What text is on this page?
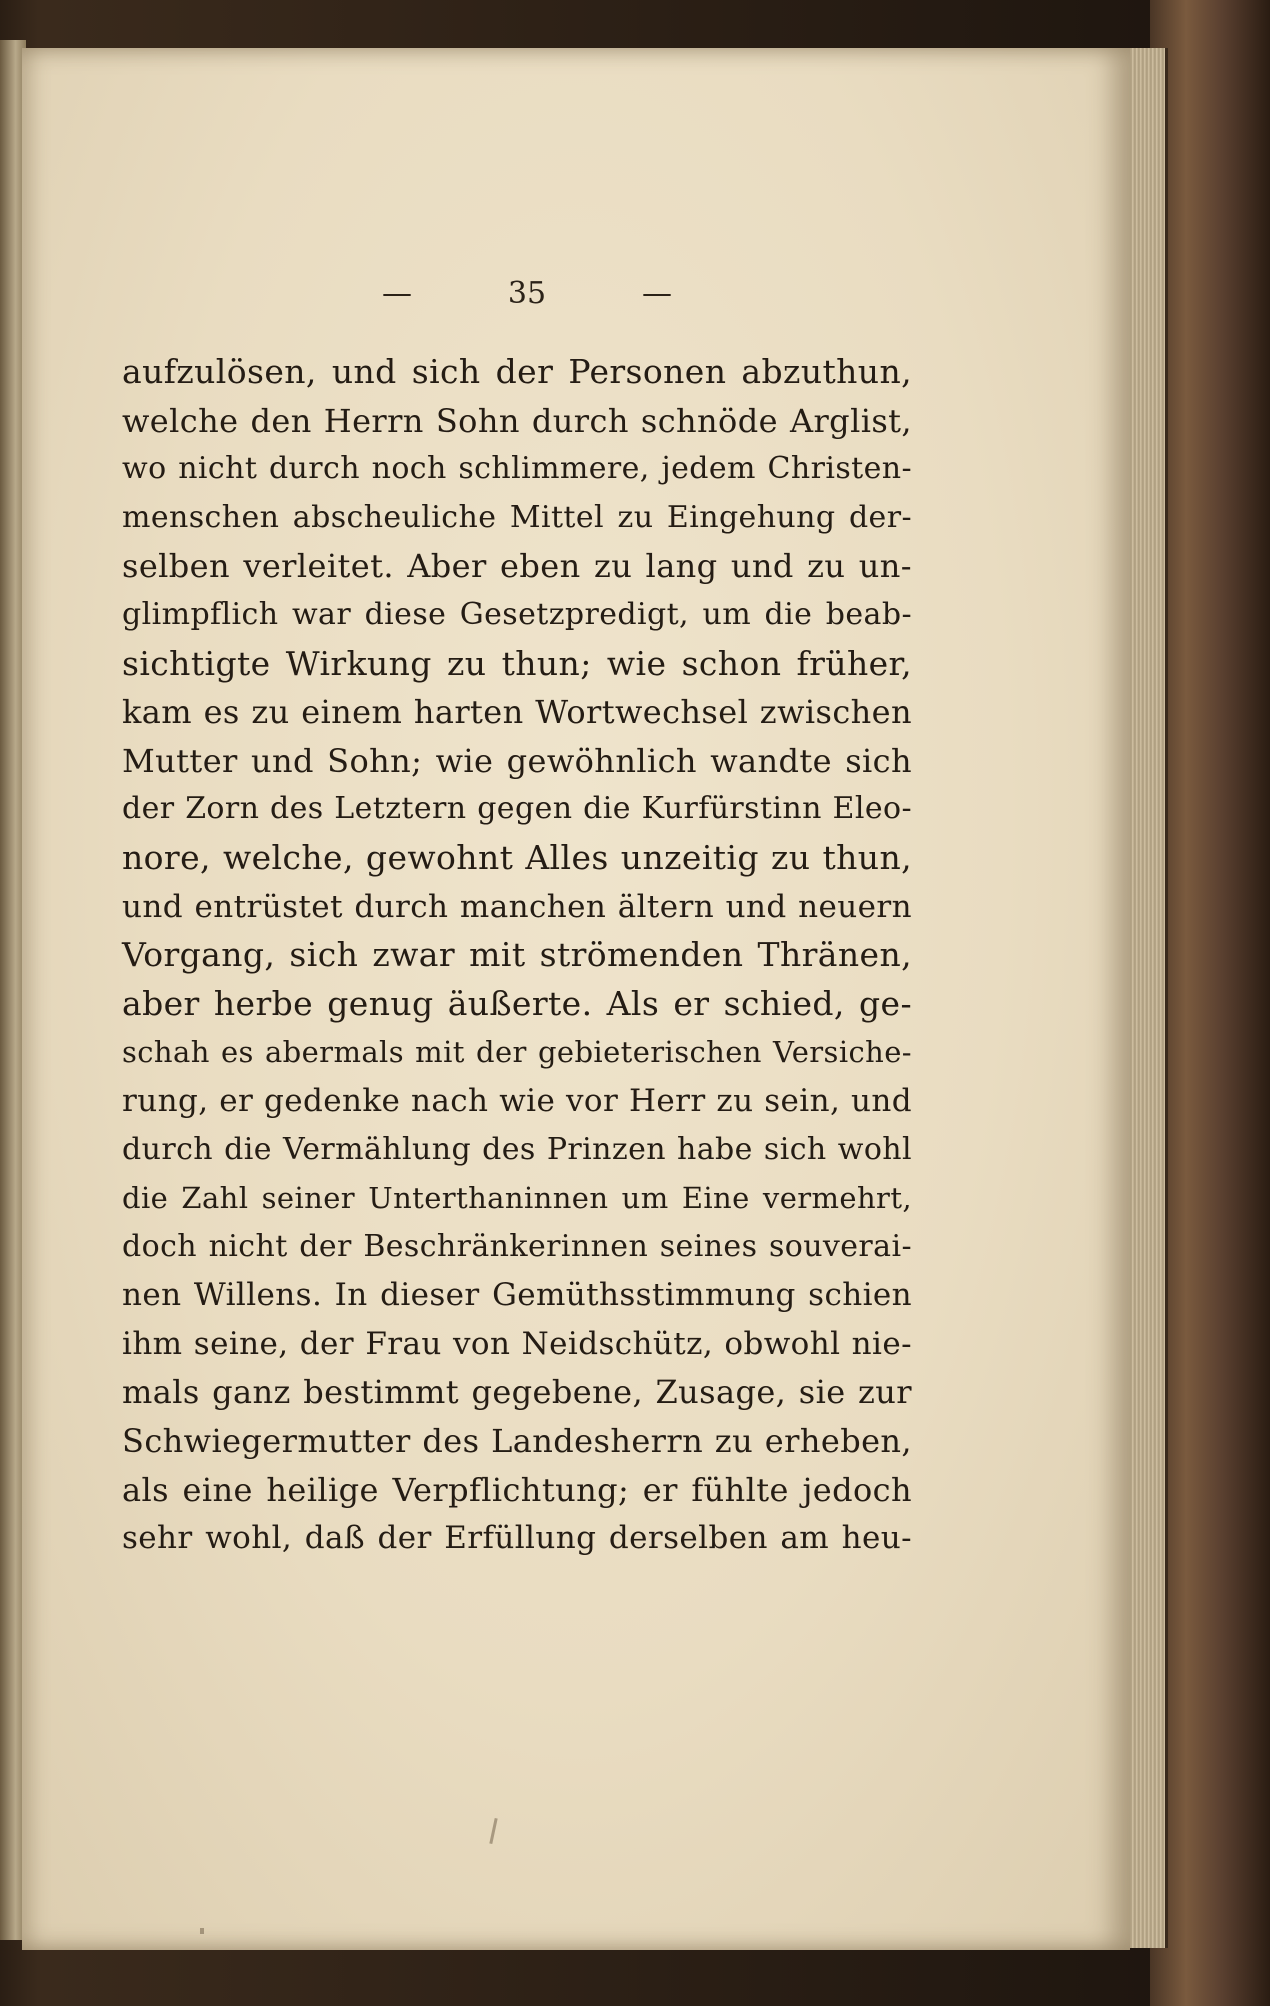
—	35	—
aufzulösen, und sich der Personen abzuthun,
welche den Herrn Sohn durch schnöde Arglist,
wo nicht durch noch schlimmere, jedem Christen-
menschen abscheuliche Mittel zu Eingehung der-
selben verleitet. Aber eben zu lang und zu un-
glimpflich war diese Gesetzpredigt, um die beab-
sichtigte Wirkung zu thun; wie schon früher,
kam es zu einem harten Wortwechsel zwischen
Mutter und Sohn; wie gewöhnlich wandte sich
der Zorn des Letztern gegen die Kurfürstinn Eleo-
nore, welche, gewohnt Alles unzeitig zu thun,
und entrüstet durch manchen ältern und neuern
Vorgang, sich zwar mit strömenden Thränen,
aber herbe genug äußerte. Als er schied, ge-
schah es abermals mit der gebieterischen Versiche-
rung, er gedenke nach wie vor Herr zu sein, und
durch die Vermählung des Prinzen habe sich wohl
die Zahl seiner Unterthaninnen um Eine vermehrt,
doch nicht der Beschränkerinnen seines souverai-
nen Willens. In dieser Gemüthsstimmung schien
ihm seine, der Frau von Neidschütz, obwohl nie-
mals ganz bestimmt gegebene, Zusage, sie zur
Schwiegermutter des Landesherrn zu erheben,
als eine heilige Verpflichtung; er fühlte jedoch
sehr wohl, daß der Erfüllung derselben am heu-
